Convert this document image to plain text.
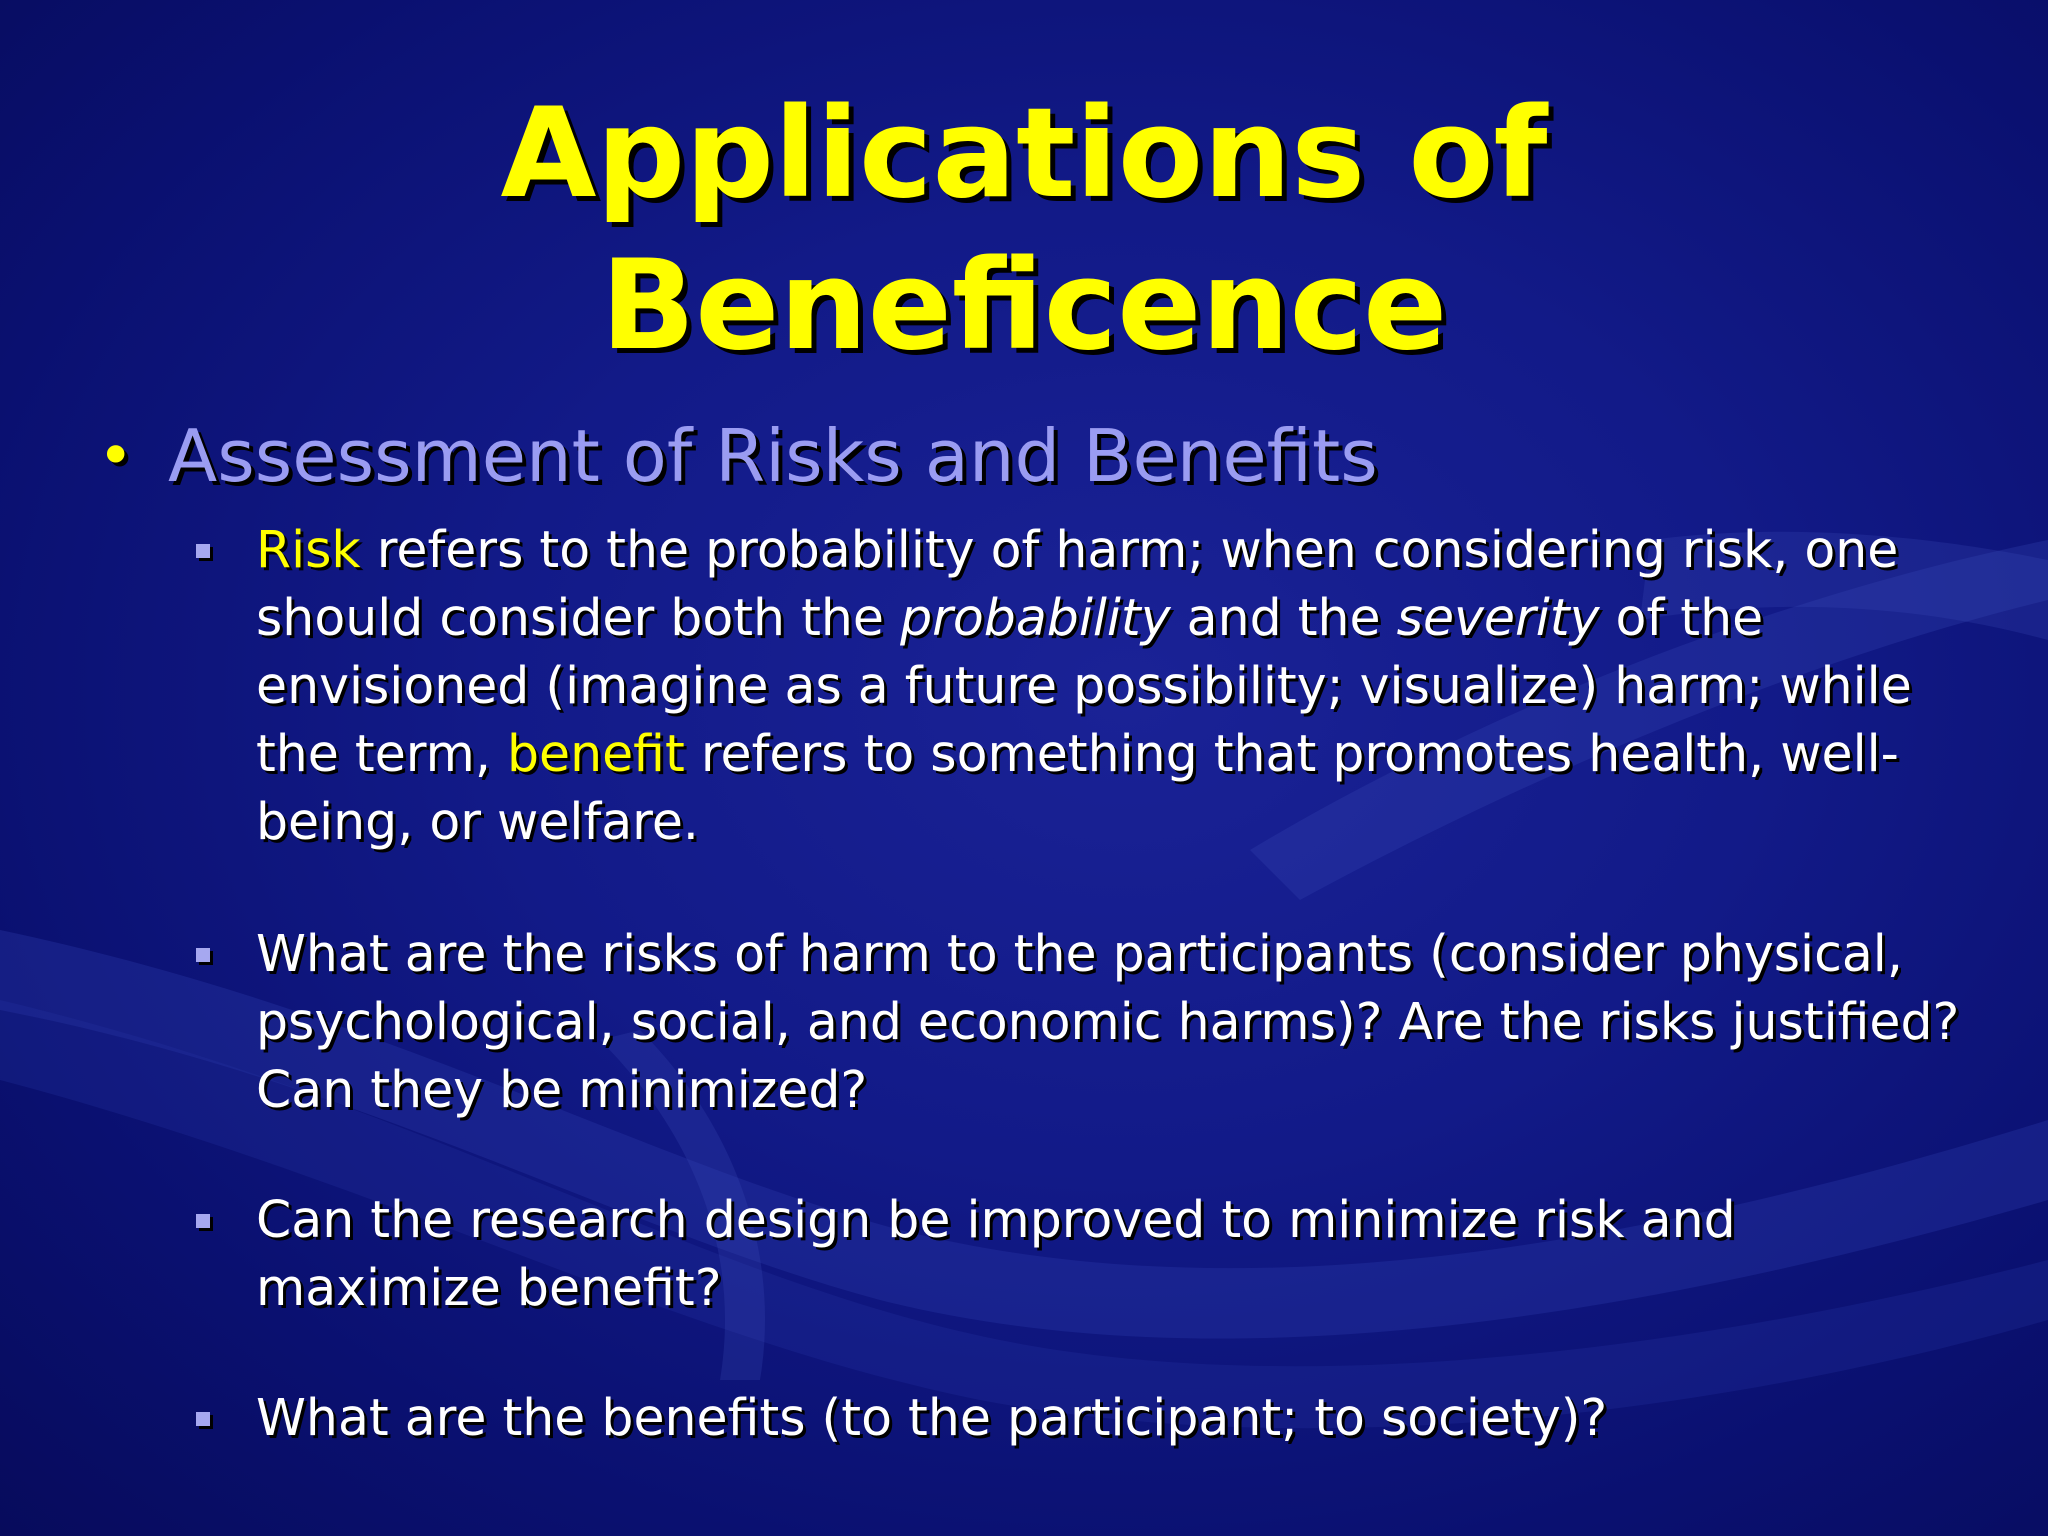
Applications of
Beneficence
• Assessment of Risks and Benefits
Risk refers to the probability of harm; when considering risk, one
should consider both the probability and the severity of the
envisioned (imagine as a future possibility; visualize) harm; while
the term, benefit refers to something that promotes health, well-
being, or welfare.
What are the risks of harm to the participants (consider physical,
psychological, social, and economic harms)? Are the risks justified?
Can they be minimized?
Can the research design be improved to minimize risk and
maximize benefit?
What are the benefits (to the participant; to society)?
